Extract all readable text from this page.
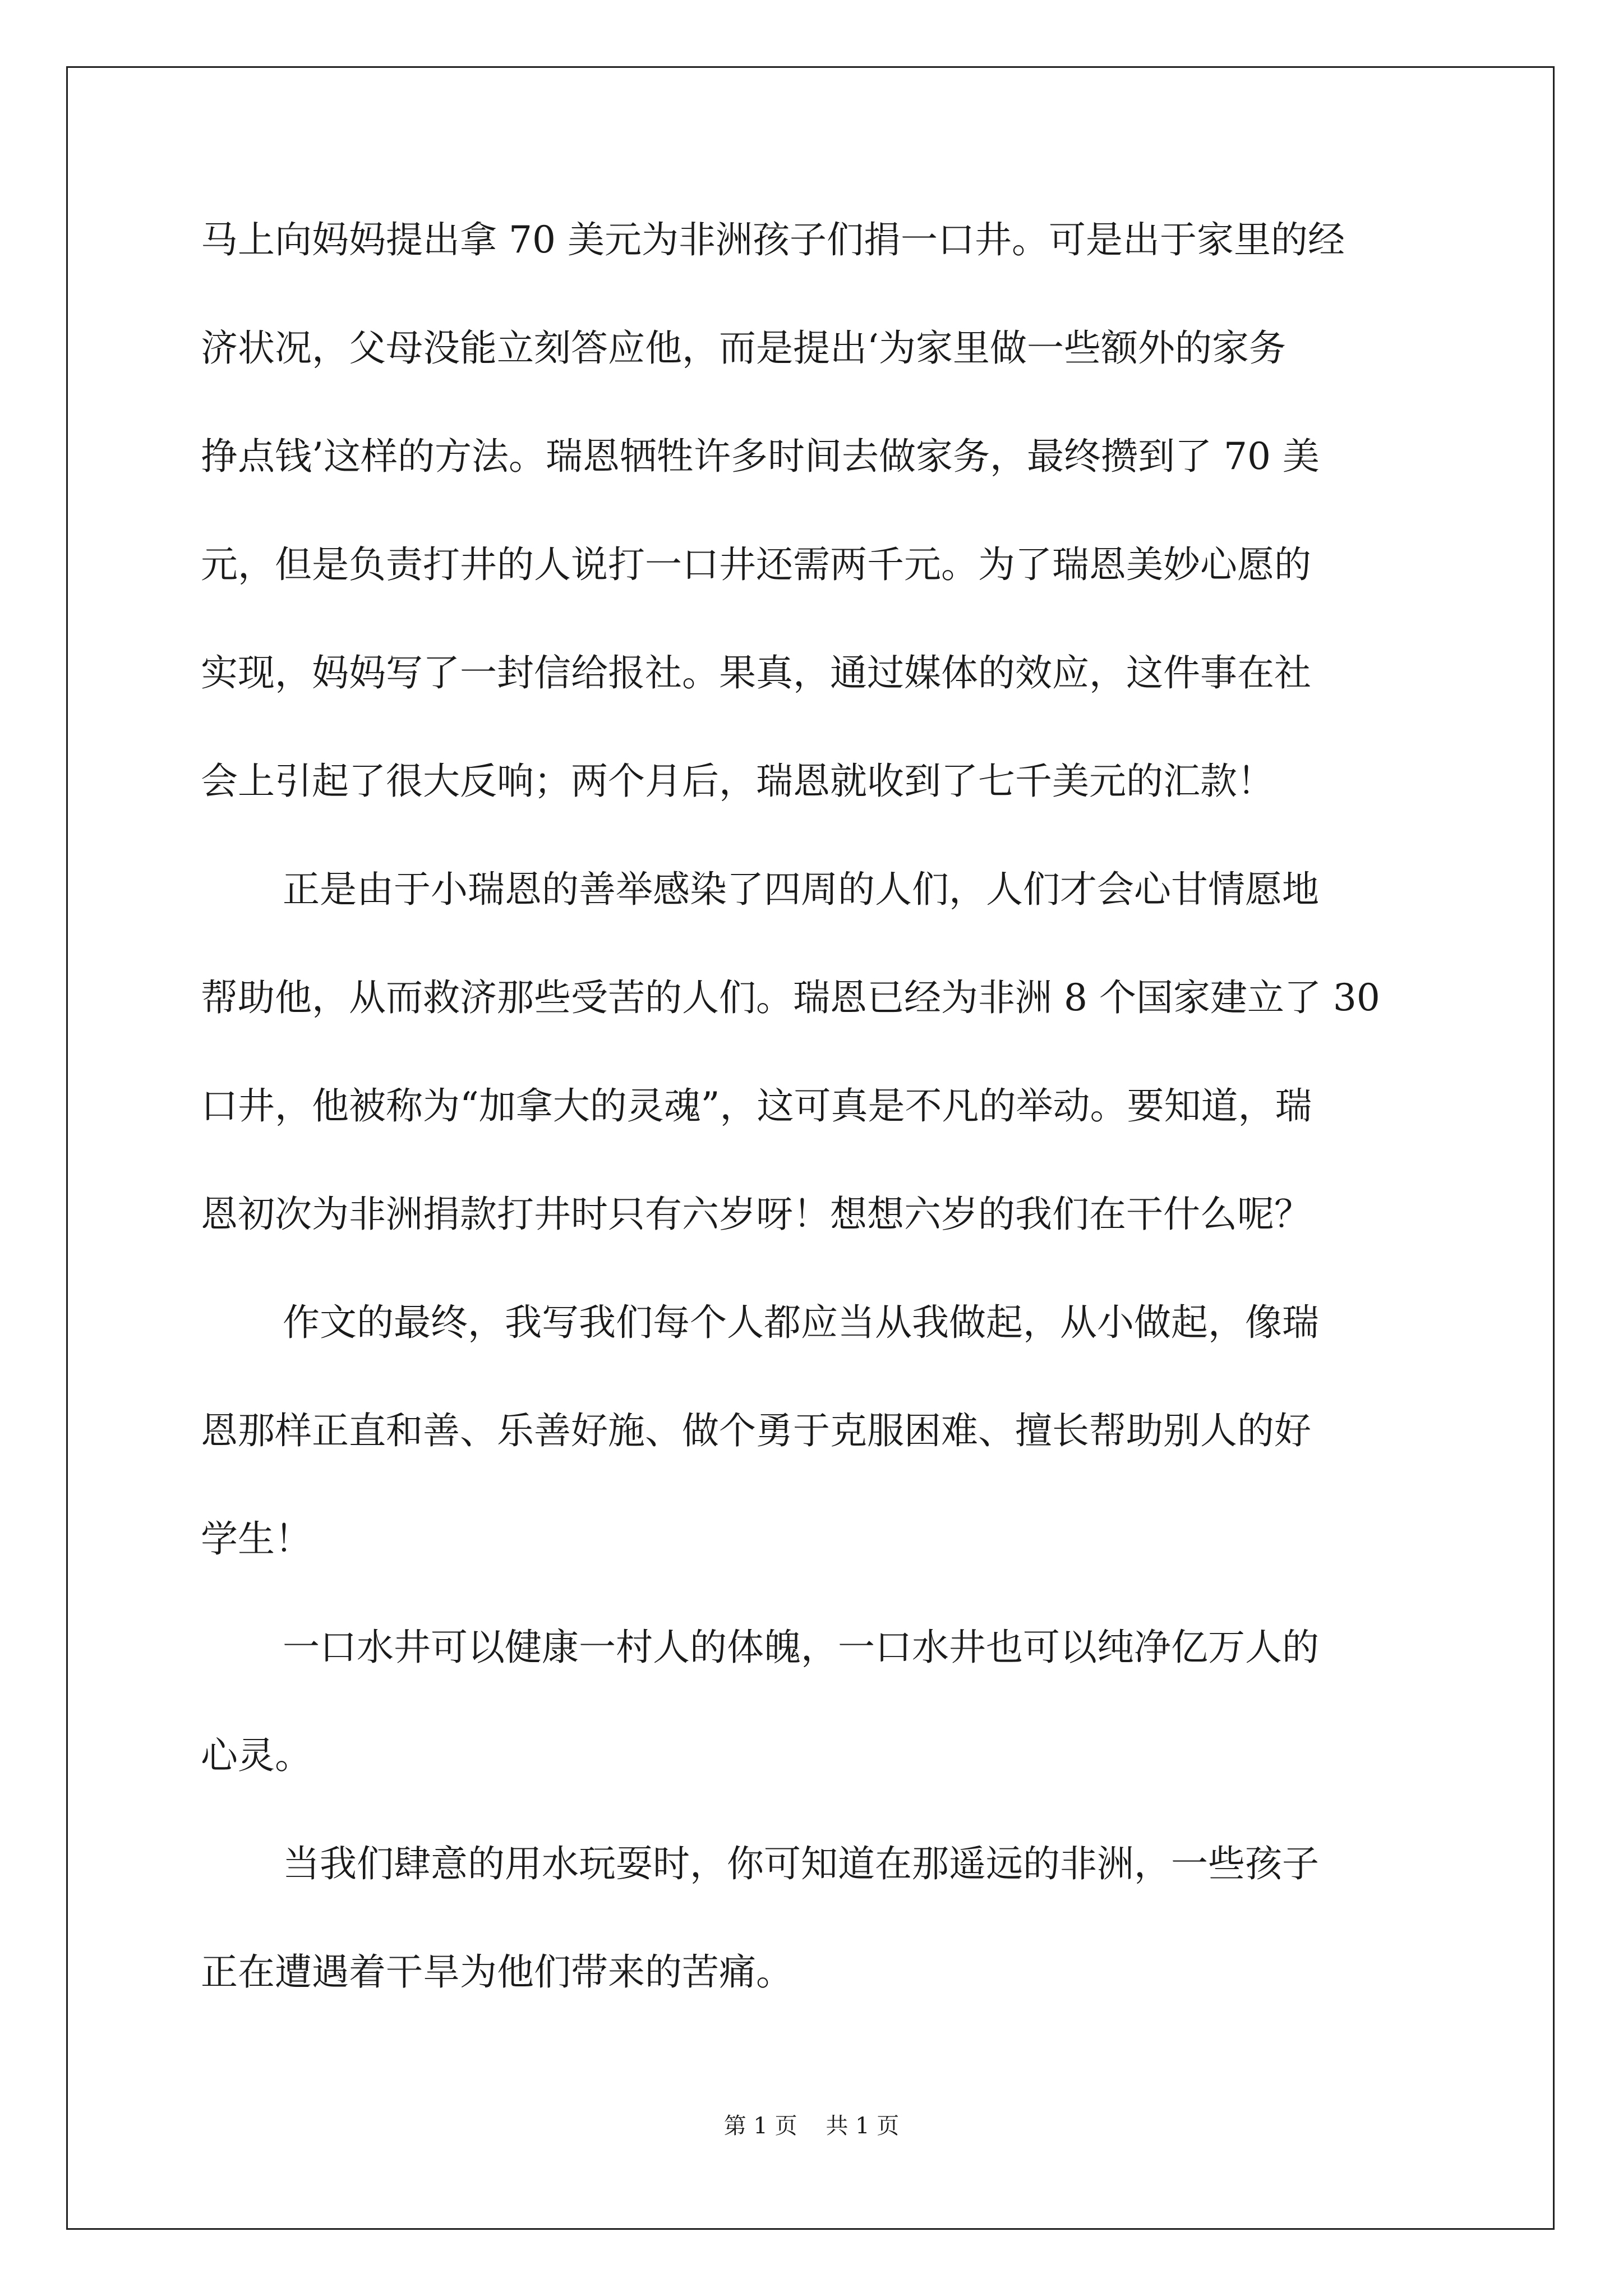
马上向妈妈提出拿 70 美元为非洲孩子们捐一口井。可是出于家里的经
济状况，父母没能立刻答应他，而是提出‘为家里做一些额外的家务
挣点钱’这样的方法。瑞恩牺牲许多时间去做家务，最终攒到了 70 美
元，但是负责打井的人说打一口井还需两千元。为了瑞恩美妙心愿的
实现，妈妈写了一封信给报社。果真，通过媒体的效应，这件事在社
会上引起了很大反响；两个月后，瑞恩就收到了七千美元的汇款！
正是由于小瑞恩的善举感染了四周的人们，人们才会心甘情愿地
帮助他，从而救济那些受苦的人们。瑞恩已经为非洲 8 个国家建立了 30
口井，他被称为“加拿大的灵魂”，这可真是不凡的举动。要知道，瑞
恩初次为非洲捐款打井时只有六岁呀！想想六岁的我们在干什么呢？
作文的最终，我写我们每个人都应当从我做起，从小做起，像瑞
恩那样正直和善、乐善好施、做个勇于克服困难、擅长帮助别人的好
学生！
一口水井可以健康一村人的体魄，一口水井也可以纯净亿万人的
心灵。
当我们肆意的用水玩耍时，你可知道在那遥远的非洲，一些孩子
正在遭遇着干旱为他们带来的苦痛。
第 1 页    共 1 页
